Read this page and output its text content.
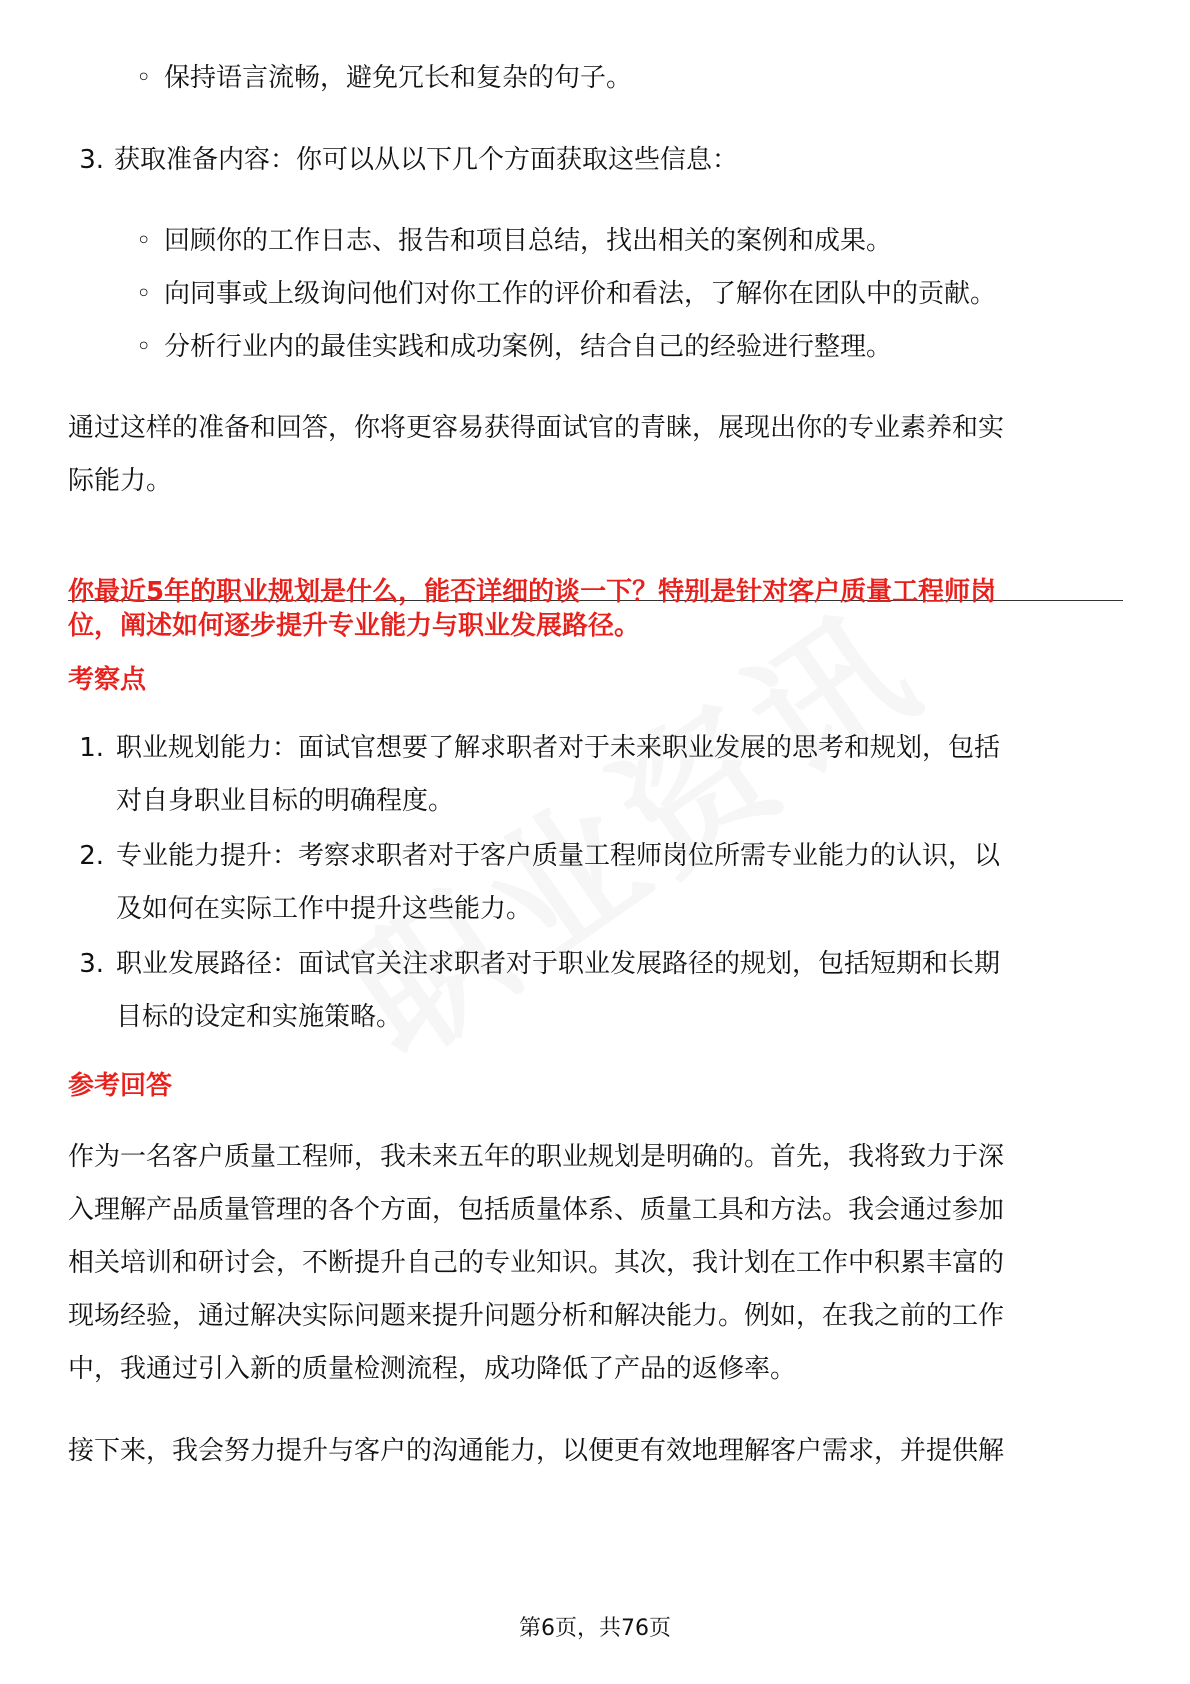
◦ 保持语言流畅，避免冗长和复杂的句子。
3. 获取准备内容：你可以从以下几个方面获取这些信息：
◦ 回顾你的工作日志、报告和项目总结，找出相关的案例和成果。
◦ 向同事或上级询问他们对你工作的评价和看法，了解你在团队中的贡献。
◦ 分析行业内的最佳实践和成功案例，结合自己的经验进行整理。
通过这样的准备和回答，你将更容易获得面试官的青睐，展现出你的专业素养和实
际能力。
你最近5年的职业规划是什么，能否详细的谈一下？特别是针对客户质量工程师岗
位，阐述如何逐步提升专业能力与职业发展路径。
考察点
1. 职业规划能力：面试官想要了解求职者对于未来职业发展的思考和规划，包括
对自身职业目标的明确程度。
2. 专业能力提升：考察求职者对于客户质量工程师岗位所需专业能力的认识，以
及如何在实际工作中提升这些能力。
3. 职业发展路径：面试官关注求职者对于职业发展路径的规划，包括短期和长期
目标的设定和实施策略。
参考回答
作为一名客户质量工程师，我未来五年的职业规划是明确的。首先，我将致力于深
入理解产品质量管理的各个方面，包括质量体系、质量工具和方法。我会通过参加
相关培训和研讨会，不断提升自己的专业知识。其次，我计划在工作中积累丰富的
现场经验，通过解决实际问题来提升问题分析和解决能力。例如，在我之前的工作
中，我通过引入新的质量检测流程，成功降低了产品的返修率。
接下来，我会努力提升与客户的沟通能力，以便更有效地理解客户需求，并提供解
第6页，共76页
